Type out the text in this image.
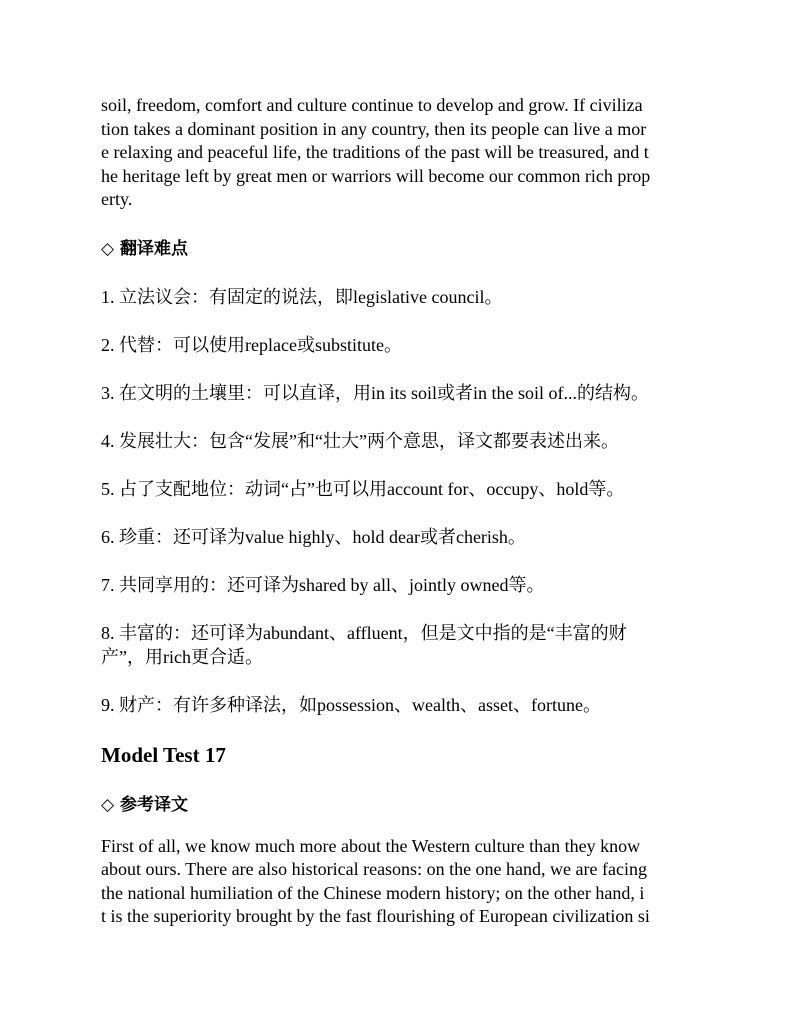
soil, freedom, comfort and culture continue to develop and grow. If civiliza
tion takes a dominant position in any country, then its people can live a mor
e relaxing and peaceful life, the traditions of the past will be treasured, and t
he heritage left by great men or warriors will become our common rich prop
erty.

◇ 翻译难点

1. 立法议会：有固定的说法，即legislative council。

2. 代替：可以使用replace或substitute。

3. 在文明的土壤里：可以直译，用in its soil或者in the soil of...的结构。

4. 发展壮大：包含“发展”和“壮大”两个意思，译文都要表述出来。

5. 占了支配地位：动词“占”也可以用account for、occupy、hold等。

6. 珍重：还可译为value highly、hold dear或者cherish。

7. 共同享用的：还可译为shared by all、jointly owned等。

8. 丰富的：还可译为abundant、affluent，但是文中指的是“丰富的财
产”，用rich更合适。

9. 财产：有许多种译法，如possession、wealth、asset、fortune。

Model Test 17

◇ 参考译文

First of all, we know much more about the Western culture than they know
about ours. There are also historical reasons: on the one hand, we are facing
the national humiliation of the Chinese modern history; on the other hand, i
t is the superiority brought by the fast flourishing of European civilization si
